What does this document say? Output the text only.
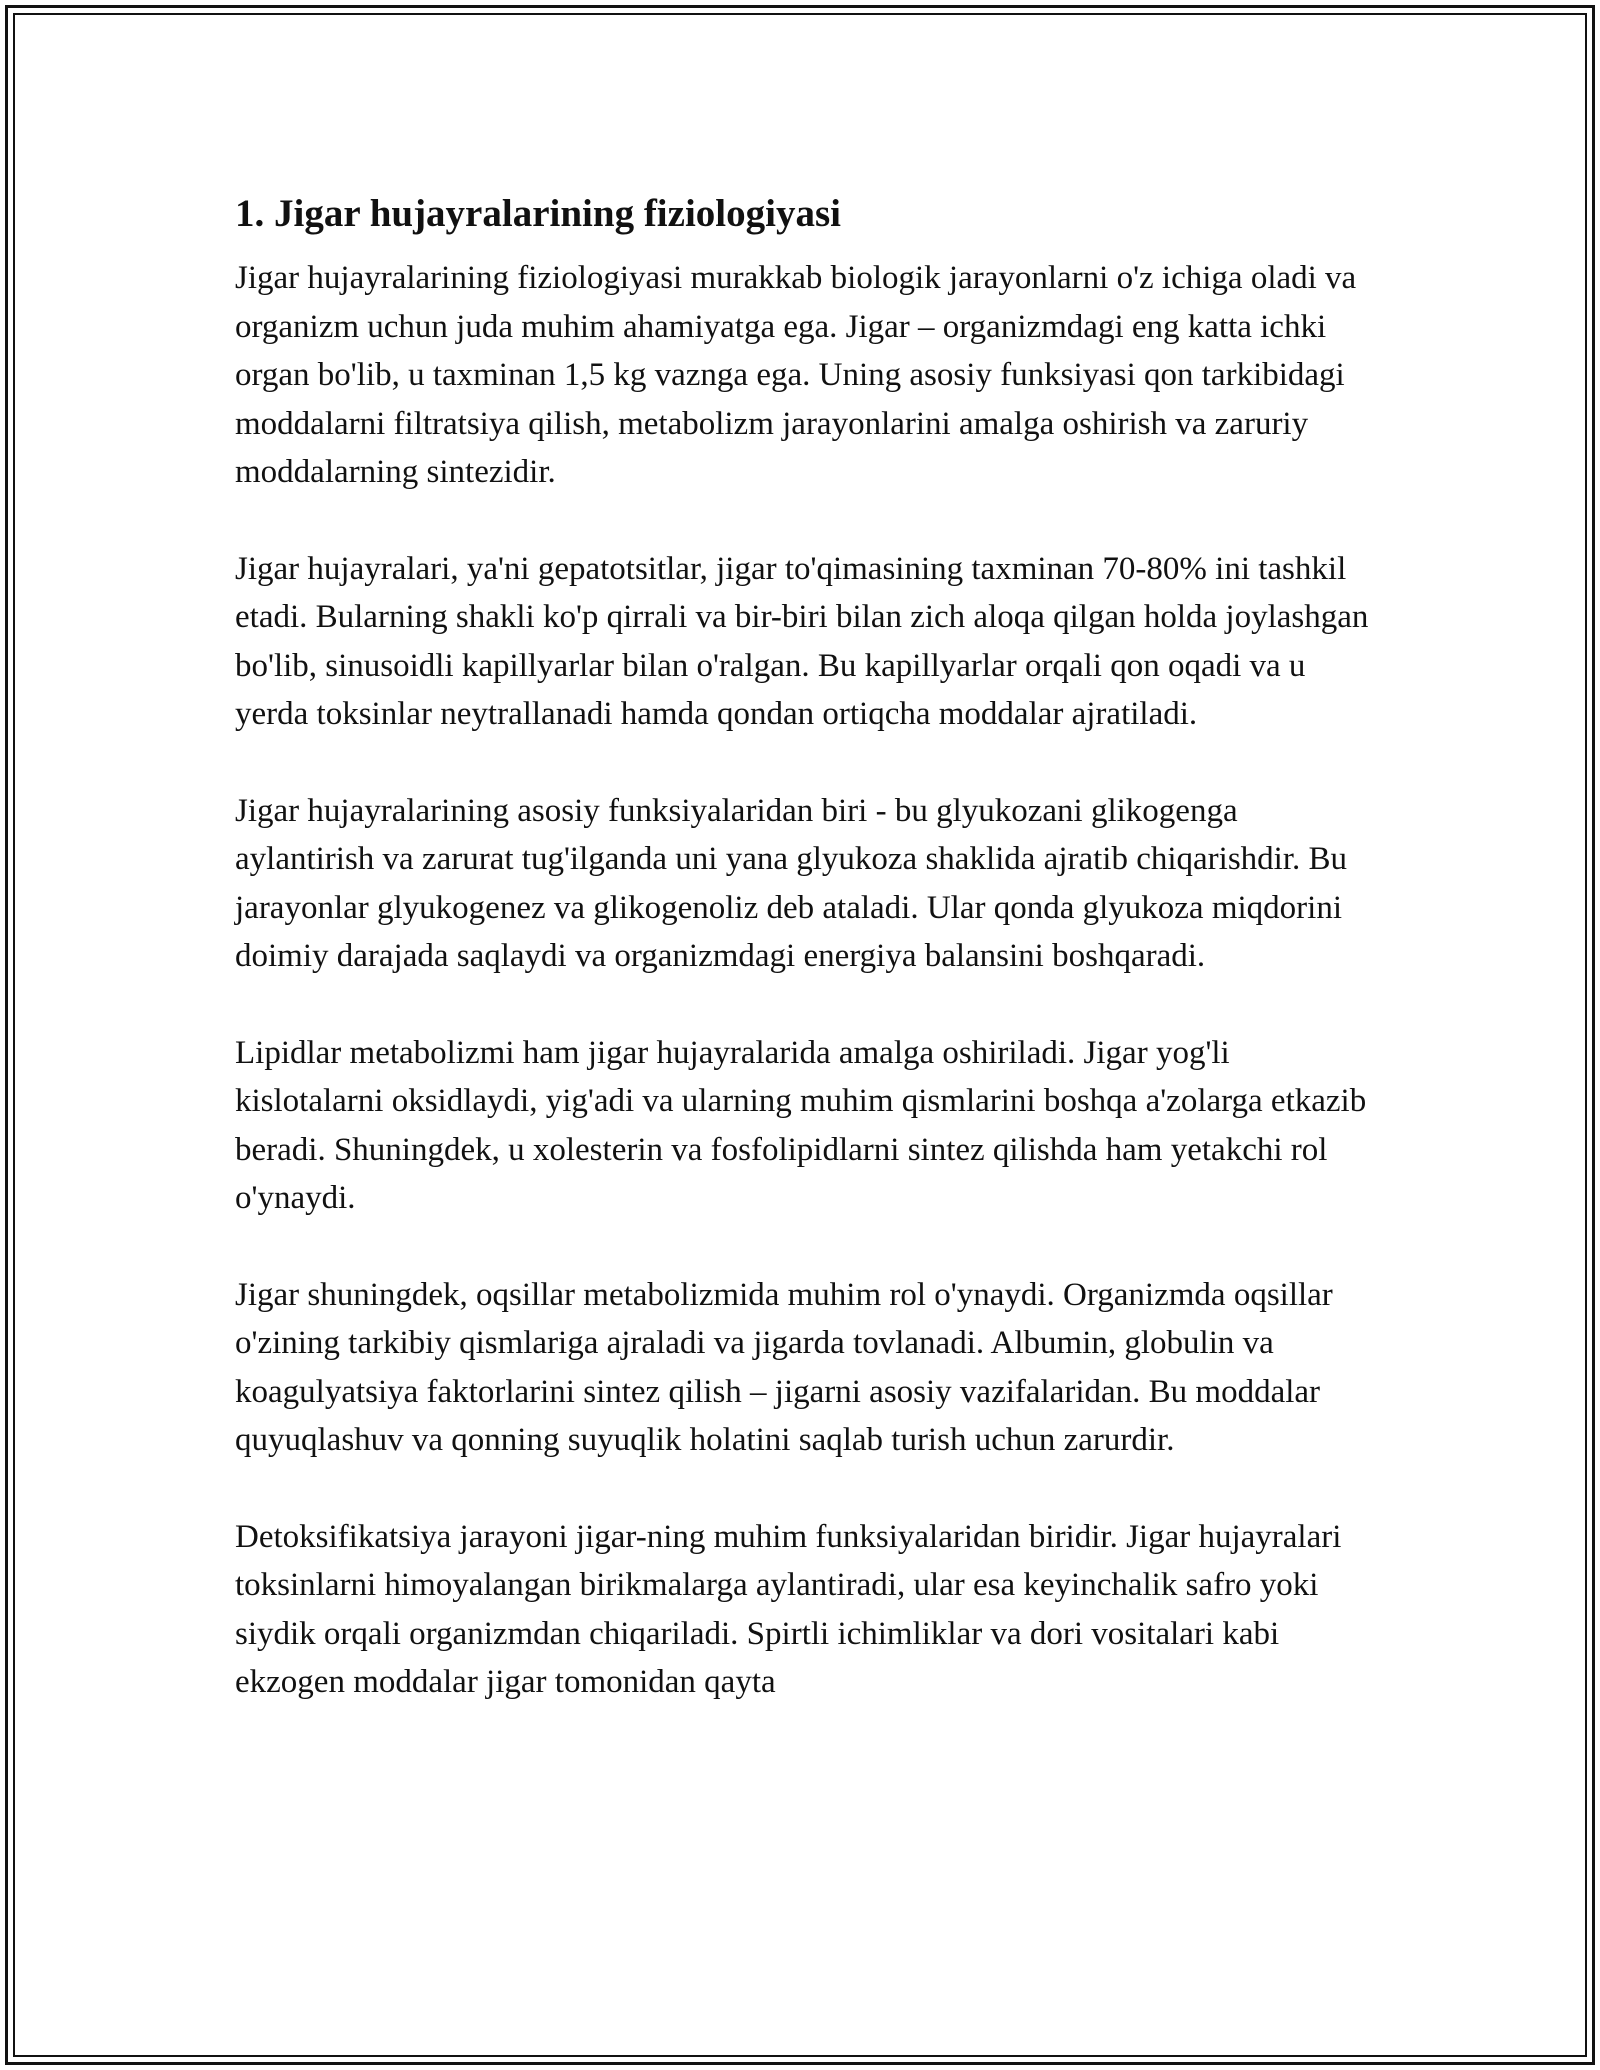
1. Jigar hujayralarining fiziologiyasi

Jigar hujayralarining fiziologiyasi murakkab biologik jarayonlarni o'z ichiga oladi va organizm uchun juda muhim ahamiyatga ega. Jigar – organizmdagi eng katta ichki organ bo'lib, u taxminan 1,5 kg vaznga ega. Uning asosiy funksiyasi qon tarkibidagi moddalarni filtratsiya qilish, metabolizm jarayonlarini amalga oshirish va zaruriy moddalarning sintezidir.

Jigar hujayralari, ya'ni gepatotsitlar, jigar to'qimasining taxminan 70-80% ini tashkil etadi. Bularning shakli ko'p qirrali va bir-biri bilan zich aloqa qilgan holda joylashgan bo'lib, sinusoidli kapillyarlar bilan o'ralgan. Bu kapillyarlar orqali qon oqadi va u yerda toksinlar neytrallanadi hamda qondan ortiqcha moddalar ajratiladi.

Jigar hujayralarining asosiy funksiyalaridan biri - bu glyukozani glikogenga aylantirish va zarurat tug'ilganda uni yana glyukoza shaklida ajratib chiqarishdir. Bu jarayonlar glyukogenez va glikogenoliz deb ataladi. Ular qonda glyukoza miqdorini doimiy darajada saqlaydi va organizmdagi energiya balansini boshqaradi.

Lipidlar metabolizmi ham jigar hujayralarida amalga oshiriladi. Jigar yog'li kislotalarni oksidlaydi, yig'adi va ularning muhim qismlarini boshqa a'zolarga etkazib beradi. Shuningdek, u xolesterin va fosfolipidlarni sintez qilishda ham yetakchi rol o'ynaydi.

Jigar shuningdek, oqsillar metabolizmida muhim rol o'ynaydi. Organizmda oqsillar o'zining tarkibiy qismlariga ajraladi va jigarda tovlanadi. Albumin, globulin va koagulyatsiya faktorlarini sintez qilish – jigarni asosiy vazifalaridan. Bu moddalar quyuqlashuv va qonning suyuqlik holatini saqlab turish uchun zarurdir.

Detoksifikatsiya jarayoni jigar-ning muhim funksiyalaridan biridir. Jigar hujayralari toksinlarni himoyalangan birikmalarga aylantiradi, ular esa keyinchalik safro yoki siydik orqali organizmdan chiqariladi. Spirtli ichimliklar va dori vositalari kabi ekzogen moddalar jigar tomonidan qayta
